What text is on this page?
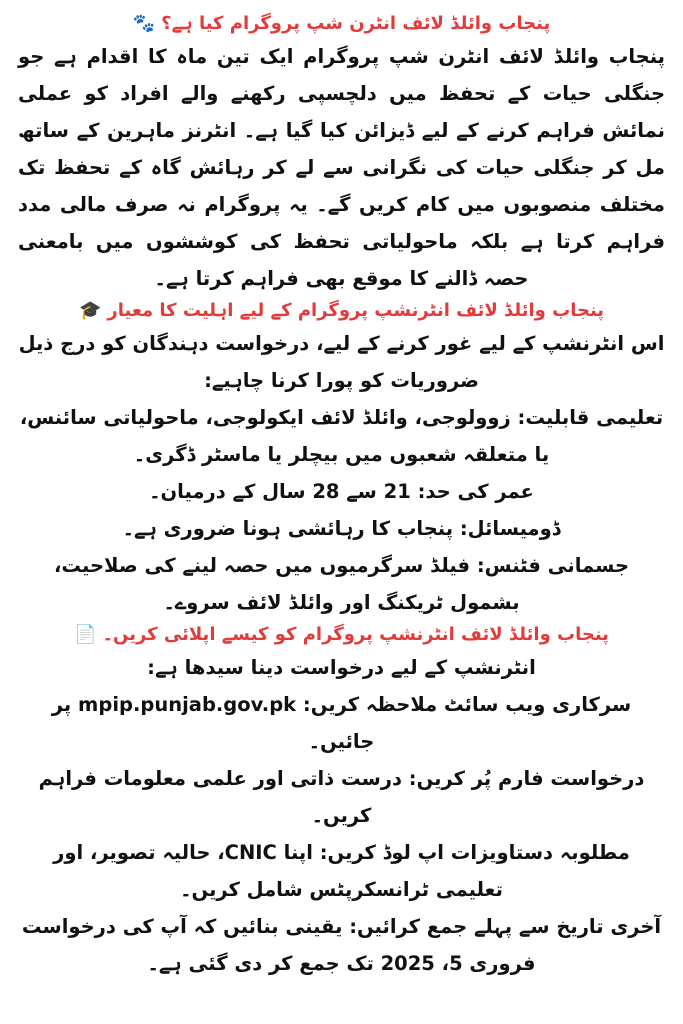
پنجاب وائلڈ لائف انٹرن شپ پروگرام کیا ہے؟
🐾

پنجاب وائلڈ لائف انٹرن شپ پروگرام ایک تین ماہ کا اقدام ہے جو جنگلی حیات کے تحفظ میں دلچسپی رکھنے والے افراد کو عملی نمائش فراہم کرنے کے لیے ڈیزائن کیا گیا ہے۔ انٹرنز ماہرین کے ساتھ مل کر جنگلی حیات کی نگرانی سے لے کر رہائش گاہ کے تحفظ تک مختلف منصوبوں میں کام کریں گے۔ یہ پروگرام نہ صرف مالی مدد فراہم کرتا ہے بلکہ ماحولیاتی تحفظ کی کوششوں میں بامعنی حصہ ڈالنے کا موقع بھی فراہم کرتا ہے۔

پنجاب وائلڈ لائف انٹرنشپ پروگرام کے لیے اہلیت کا معیار
🎓

اس انٹرنشپ کے لیے غور کرنے کے لیے، درخواست دہندگان کو درج ذیل ضروریات کو پورا کرنا چاہیے:

تعلیمی قابلیت: زوولوجی، وائلڈ لائف ایکولوجی، ماحولیاتی سائنس، یا متعلقہ شعبوں میں بیچلر یا ماسٹر ڈگری۔

عمر کی حد: 21 سے 28 سال کے درمیان۔

ڈومیسائل: پنجاب کا رہائشی ہونا ضروری ہے۔

جسمانی فٹنس: فیلڈ سرگرمیوں میں حصہ لینے کی صلاحیت، بشمول ٹریکنگ اور وائلڈ لائف سروے۔

پنجاب وائلڈ لائف انٹرنشپ پروگرام کو کیسے اپلائی کریں۔
📄

انٹرنشپ کے لیے درخواست دینا سیدھا ہے:

سرکاری ویب سائٹ ملاحظہ کریں: mpip.punjab.gov.pk پر جائیں۔

درخواست فارم پُر کریں: درست ذاتی اور علمی معلومات فراہم کریں۔

مطلوبہ دستاویزات اپ لوڈ کریں: اپنا CNIC، حالیہ تصویر، اور تعلیمی ٹرانسکرپٹس شامل کریں۔

آخری تاریخ سے پہلے جمع کرائیں: یقینی بنائیں کہ آپ کی درخواست فروری 5، 2025 تک جمع کر دی گئی ہے۔
